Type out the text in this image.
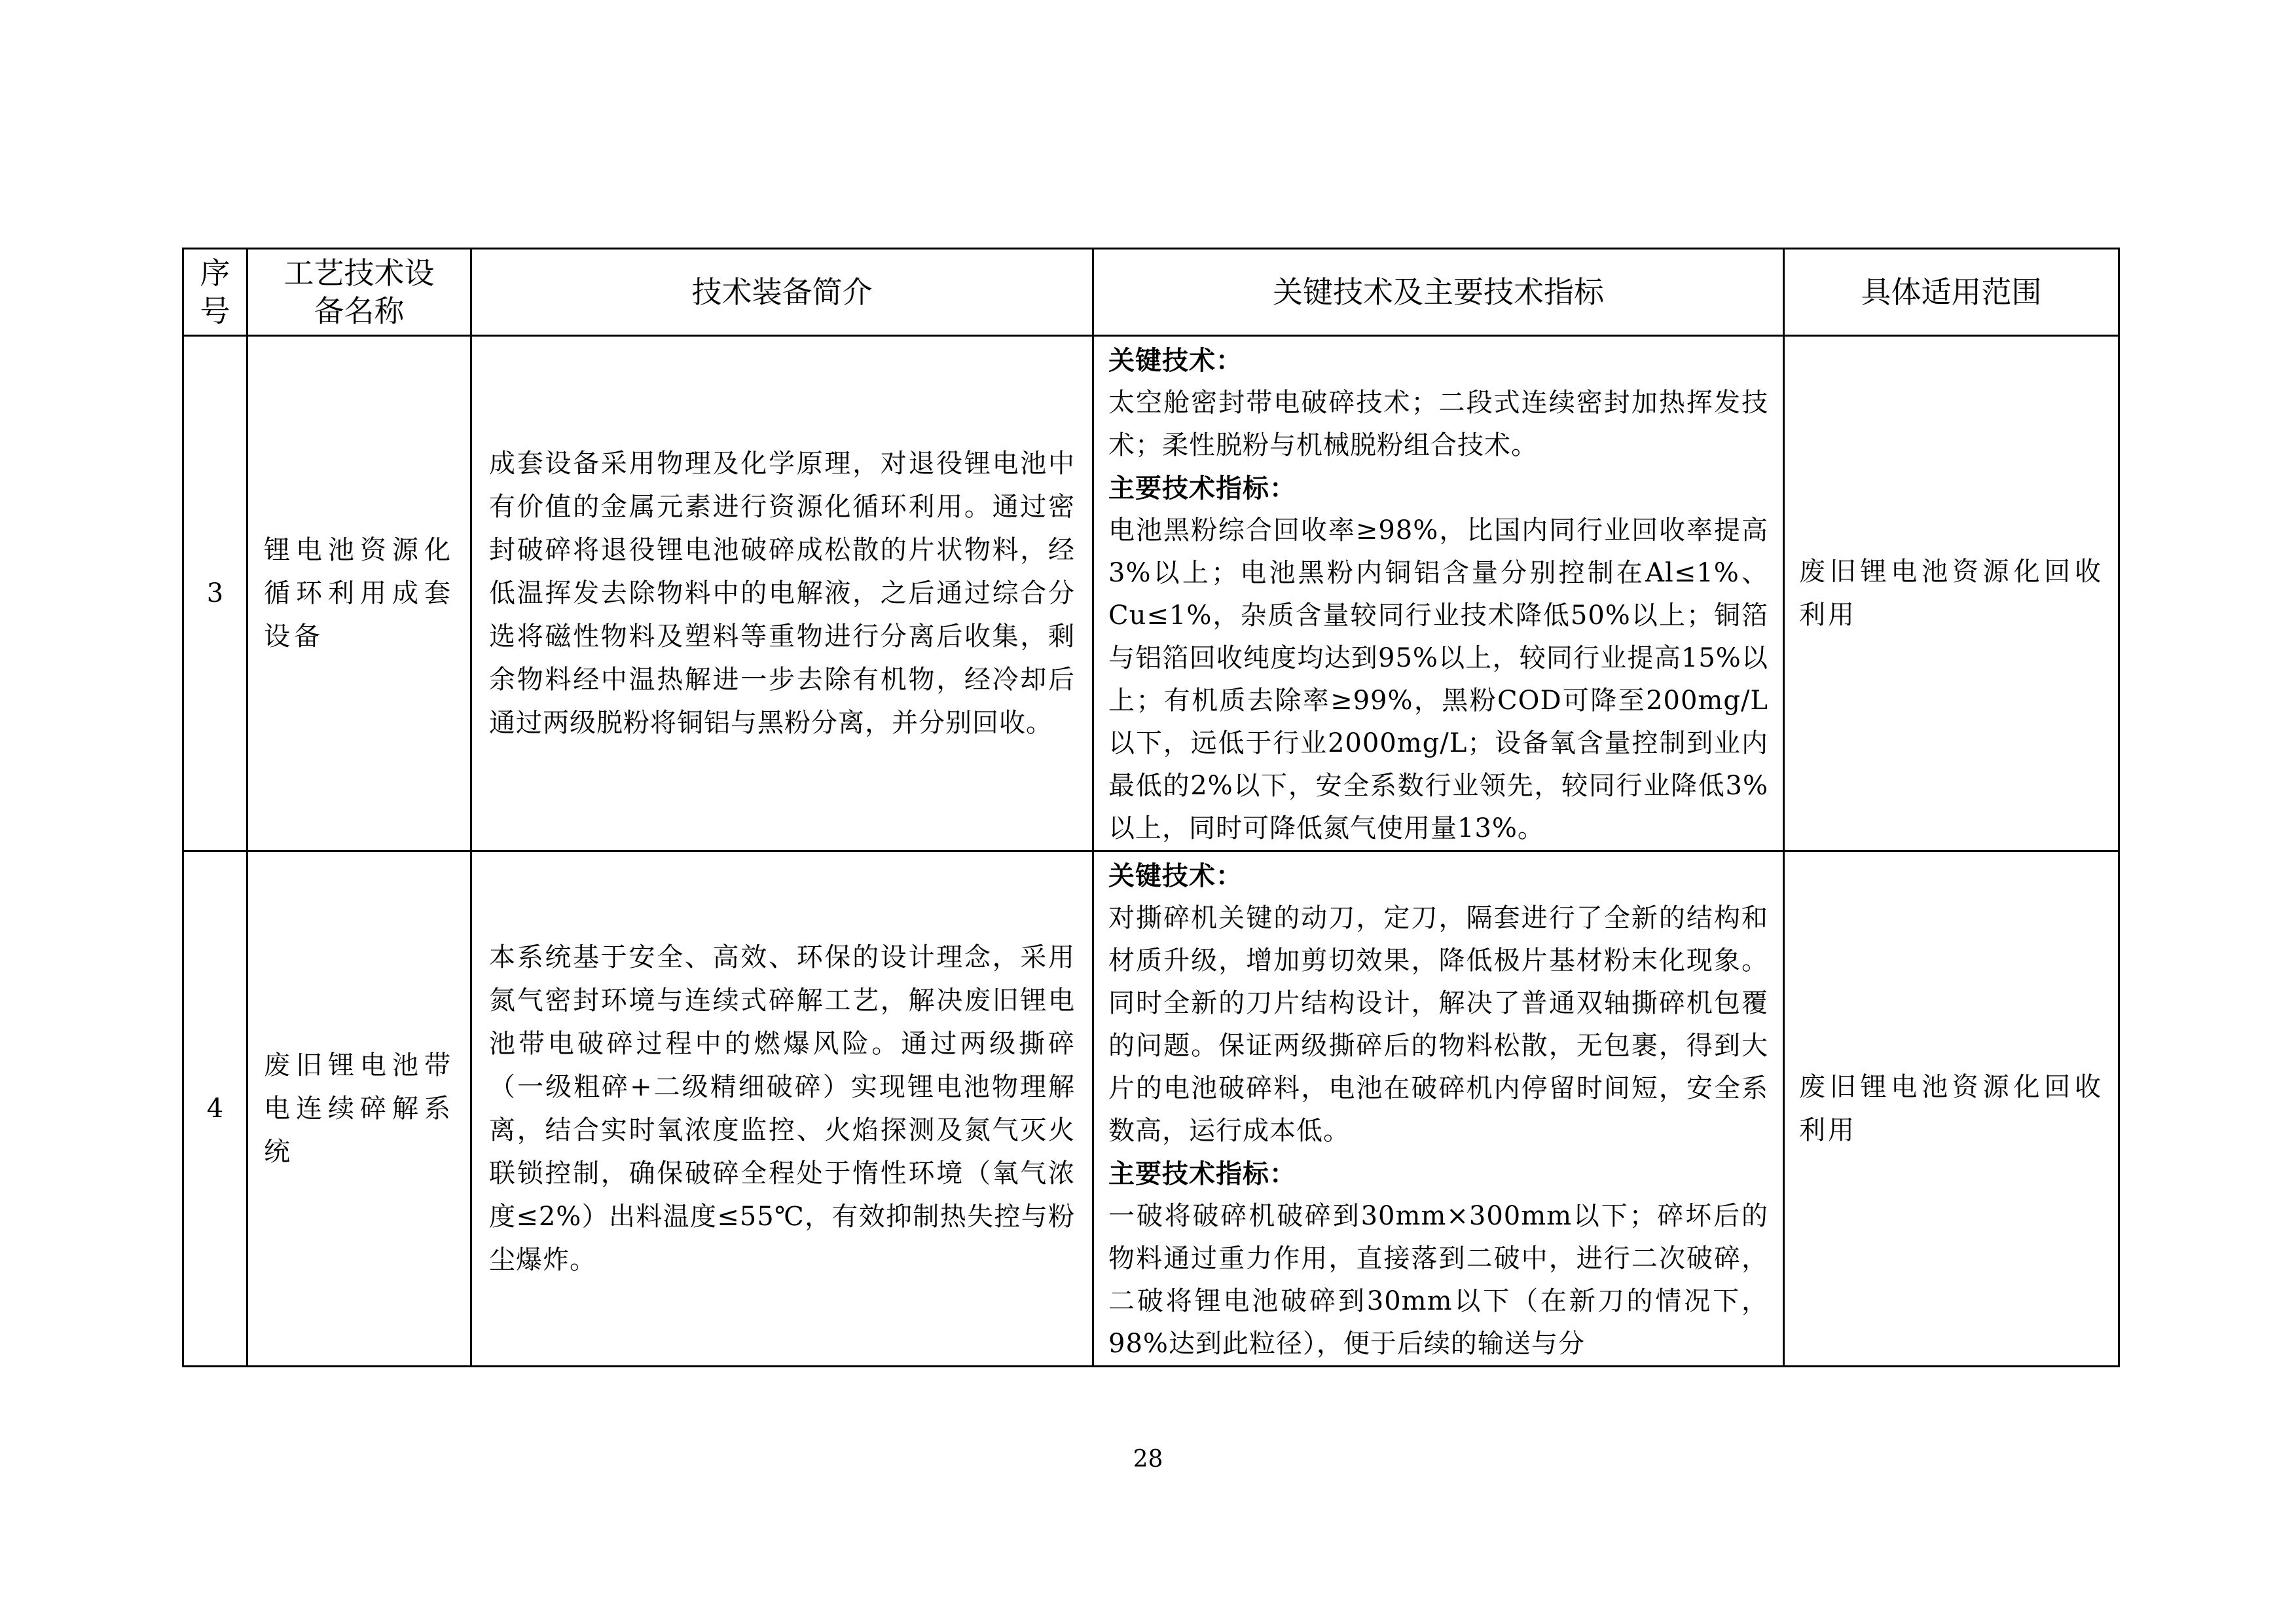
序号	工艺技术设备名称	技术装备简介	关键技术及主要技术指标	具体适用范围
3	锂电池资源化循环利用成套设备	成套设备采用物理及化学原理，对退役锂电池中有价值的金属元素进行资源化循环利用。通过密封破碎将退役锂电池破碎成松散的片状物料，经低温挥发去除物料中的电解液，之后通过综合分选将磁性物料及塑料等重物进行分离后收集，剩余物料经中温热解进一步去除有机物，经冷却后通过两级脱粉将铜铝与黑粉分离，并分别回收。	关键技术：
太空舱密封带电破碎技术；二段式连续密封加热挥发技术；柔性脱粉与机械脱粉组合技术。
主要技术指标：
电池黑粉综合回收率≥98%，比国内同行业回收率提高3%以上；电池黑粉内铜铝含量分别控制在Al≤1%、Cu≤1%，杂质含量较同行业技术降低50%以上；铜箔与铝箔回收纯度均达到95%以上，较同行业提高15%以上；有机质去除率≥99%，黑粉COD可降至200mg/L以下，远低于行业2000mg/L；设备氧含量控制到业内最低的2%以下，安全系数行业领先，较同行业降低3%以上，同时可降低氮气使用量13%。	废旧锂电池资源化回收利用
4	废旧锂电池带电连续碎解系统	本系统基于安全、高效、环保的设计理念，采用氮气密封环境与连续式碎解工艺，解决废旧锂电池带电破碎过程中的燃爆风险。通过两级撕碎（一级粗碎+二级精细破碎）实现锂电池物理解离，结合实时氧浓度监控、火焰探测及氮气灭火联锁控制，确保破碎全程处于惰性环境（氧气浓度≤2%）出料温度≤55℃，有效抑制热失控与粉尘爆炸。	关键技术：
对撕碎机关键的动刀，定刀，隔套进行了全新的结构和材质升级，增加剪切效果，降低极片基材粉末化现象。同时全新的刀片结构设计，解决了普通双轴撕碎机包覆的问题。保证两级撕碎后的物料松散，无包裹，得到大片的电池破碎料，电池在破碎机内停留时间短，安全系数高，运行成本低。
主要技术指标：
一破将破碎机破碎到30mm×300mm以下；碎坏后的物料通过重力作用，直接落到二破中，进行二次破碎，二破将锂电池破碎到30mm以下（在新刀的情况下，98%达到此粒径），便于后续的输送与分	废旧锂电池资源化回收利用
28
